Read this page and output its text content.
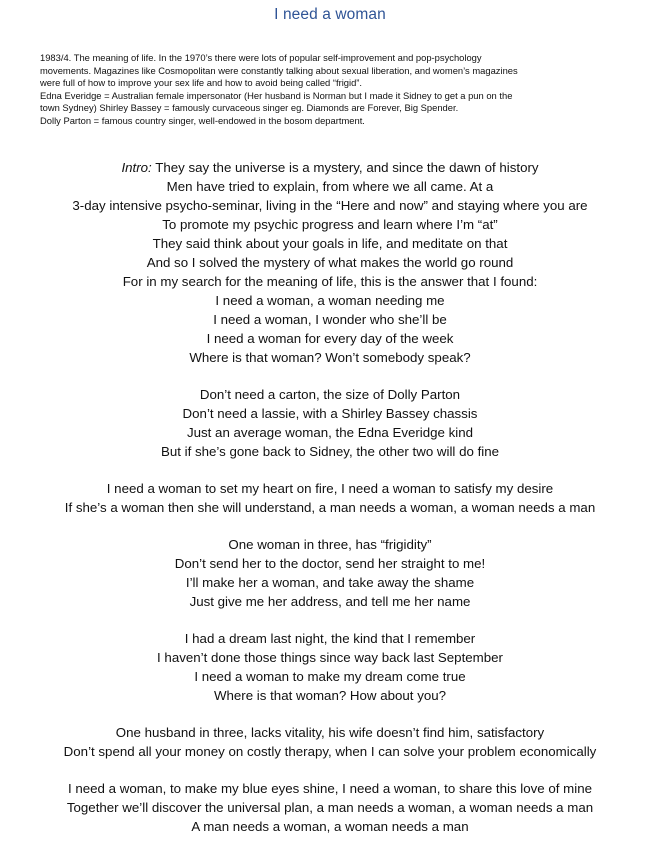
I need a woman

1983/4. The meaning of life. In the 1970’s there were lots of popular self-improvement and pop-psychology

movements. Magazines like Cosmopolitan were constantly talking about sexual liberation, and women’s magazines

were full of how to improve your sex life and how to avoid being called “frigid”.

Edna Everidge = Australian female impersonator (Her husband is Norman but I made it Sidney to get a pun on the

town Sydney) Shirley Bassey = famously curvaceous singer eg. Diamonds are Forever, Big Spender.

Dolly Parton = famous country singer, well-endowed in the bosom department.

Intro: They say the universe is a mystery, and since the dawn of history

Men have tried to explain, from where we all came. At a

3-day intensive psycho-seminar, living in the “Here and now” and staying where you are

To promote my psychic progress and learn where I’m “at”

They said think about your goals in life, and meditate on that

And so I solved the mystery of what makes the world go round

For in my search for the meaning of life, this is the answer that I found:

I need a woman, a woman needing me

I need a woman, I wonder who she’ll be

I need a woman for every day of the week

Where is that woman? Won’t somebody speak?

Don’t need a carton, the size of Dolly Parton

Don’t need a lassie, with a Shirley Bassey chassis

Just an average woman, the Edna Everidge kind

But if she’s gone back to Sidney, the other two will do fine

I need a woman to set my heart on fire, I need a woman to satisfy my desire

If she’s a woman then she will understand, a man needs a woman, a woman needs a man

One woman in three, has “frigidity”

Don’t send her to the doctor, send her straight to me!

I’ll make her a woman, and take away the shame

Just give me her address, and tell me her name

I had a dream last night, the kind that I remember

I haven’t done those things since way back last September

I need a woman to make my dream come true

Where is that woman? How about you?

One husband in three, lacks vitality, his wife doesn’t find him, satisfactory

Don’t spend all your money on costly therapy, when I can solve your problem economically

I need a woman, to make my blue eyes shine, I need a woman, to share this love of mine

Together we’ll discover the universal plan, a man needs a woman, a woman needs a man

A man needs a woman, a woman needs a man
